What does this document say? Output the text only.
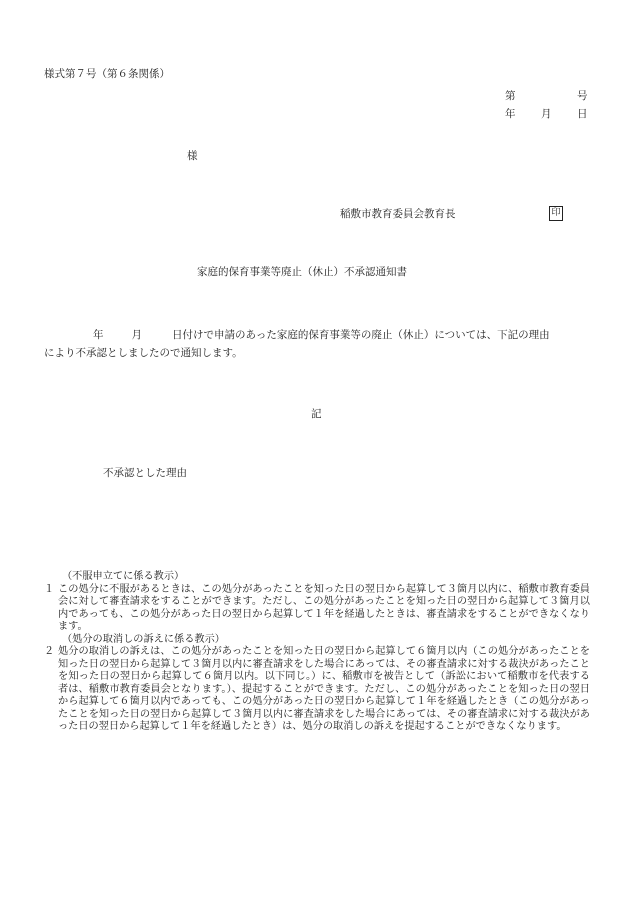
様式第７号（第６条関係）
第	号
年 月 日
様
稲敷市教育委員会教育長	印
家庭的保育事業等廃止（休止）不承認通知書
年	月	日付けで申請のあった家庭的保育事業等の廃止（休止）については、下記の理由
により不承認としましたので通知します。
記
不承認とした理由
（不服申立てに係る教示）
１ この処分に不服があるときは、この処分があったことを知った日の翌日から起算して３箇月以内に、稲敷市教育委員会に対して審査請求をすることができます。ただし、この処分があったことを知った日の翌日から起算して３箇月以内であっても、この処分があった日の翌日から起算して１年を経過したときは、審査請求をすることができなくなります。
（処分の取消しの訴えに係る教示）
２ 処分の取消しの訴えは、この処分があったことを知った日の翌日から起算して６箇月以内（この処分があったことを知った日の翌日から起算して３箇月以内に審査請求をした場合にあっては、その審査請求に対する裁決があったことを知った日の翌日から起算して６箇月以内。以下同じ。）に、稲敷市を被告として（訴訟において稲敷市を代表する者は、稲敷市教育委員会となります。）、提起することができます。ただし、この処分があったことを知った日の翌日から起算して６箇月以内であっても、この処分があった日の翌日から起算して１年を経過したとき（この処分があったことを知った日の翌日から起算して３箇月以内に審査請求をした場合にあっては、その審査請求に対する裁決があった日の翌日から起算して１年を経過したとき）は、処分の取消しの訴えを提起することができなくなります。
